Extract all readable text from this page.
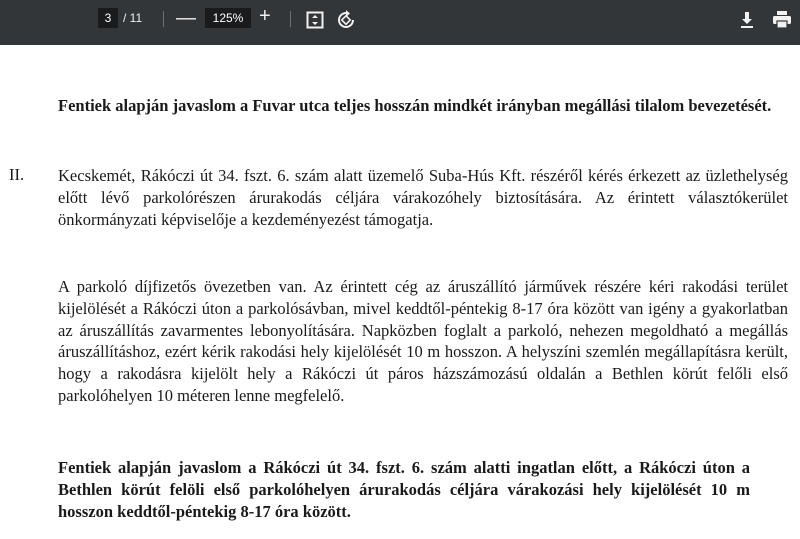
3 / 11 —	125% +

Fentiek alapján javaslom a Fuvar utca teljes hosszán mindkét irányban megállási tilalom bevezetését.

II. Kecskemét, Rákóczi út 34. fszt. 6. szám alatt üzemelő Suba-Hús Kft. részéről kérés érkezett az üzlethelység előtt lévő parkolórészen árurakodás céljára várakozóhely biztosítására. Az érintett választókerület önkormányzati képviselője a kezdeményezést támogatja.

A parkoló díjfizetős övezetben van. Az érintett cég az áruszállító járművek részére kéri rakodási terület kijelölését a Rákóczi úton a parkolósávban, mivel keddtől-péntekig 8-17 óra között van igény a gyakorlatban az áruszállítás zavarmentes lebonyolítására. Napközben foglalt a parkoló, nehezen megoldható a megállás áruszállításhoz, ezért kérik rakodási hely kijelölését 10 m hosszon. A helyszíni szemlén megállapításra került, hogy a rakodásra kijelölt hely a Rákóczi út páros házszámozású oldalán a Bethlen körút felőli első parkolóhelyen 10 méteren lenne megfelelő.

Fentiek alapján javaslom a Rákóczi út 34. fszt. 6. szám alatti ingatlan előtt, a Rákóczi úton a Bethlen körút felöli első parkolóhelyen árurakodás céljára várakozási hely kijelölését 10 m hosszon keddtől-péntekig 8-17 óra között.
